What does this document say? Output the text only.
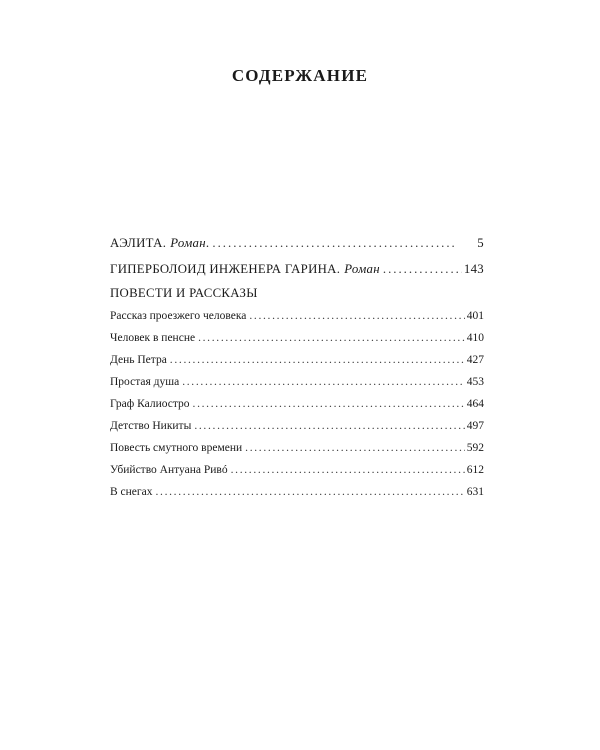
СОДЕРЖАНИЕ
АЭЛИТА. Роман . . . .	5
ГИПЕРБОЛОИД ИНЖЕНЕРА ГАРИНА. Роман . . .	143
ПОВЕСТИ И РАССКАЗЫ
Рассказ проезжего человека . . .	401
Человек в пенсне . . .	410
День Петра . . .	427
Простая душа . . .	453
Граф Калиостро . . .	464
Детство Никиты . . .	497
Повесть смутного времени . . .	592
Убийство Антуана Ривó . . .	612
В снегах . . .	631
